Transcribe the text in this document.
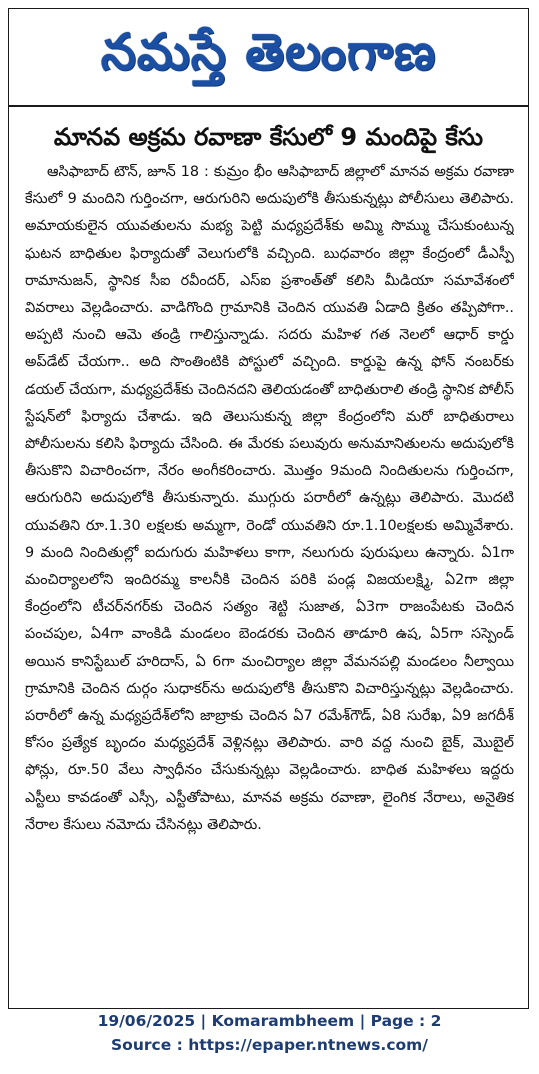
నమస్తే తెలంగాణ
మానవ అక్రమ రవాణా కేసులో 9 మందిపై కేసు

ఆసిఫాబాద్ టౌన్, జూన్ 18 : కుమ్రం భీం ఆసిఫాబాద్ జిల్లాలో మానవ అక్రమ రవాణా కేసులో 9 మందిని గుర్తించగా, ఆరుగురిని అదుపులోకి తీసుకున్నట్లు పోలీసులు తెలిపారు. అమాయకులైన యువతులను మభ్య పెట్టి మధ్యప్రదేశ్‌కు అమ్మి సొమ్ము చేసుకుంటున్న ఘటన బాధితుల ఫిర్యాదుతో వెలుగులోకి వచ్చింది. బుధవారం జిల్లా కేంద్రంలో డీఎస్పీ రామానుజన్, స్థానిక సీఐ రవీందర్, ఎస్ఐ ప్రశాంత్‌తో కలిసి మీడియా సమావేశంలో వివరాలు వెల్లడించారు. వాడిగొంది గ్రామానికి చెందిన యువతి ఏడాది క్రితం తప్పిపోగా.. అప్పటి నుంచి ఆమె తండ్రి గాలిస్తున్నాడు. సదరు మహిళ గత నెలలో ఆధార్ కార్డు అప్‌డేట్ చేయగా.. అది సొంతింటికి పోస్టులో వచ్చింది. కార్డుపై ఉన్న ఫోన్ నంబర్‌కు డయల్ చేయగా, మధ్యప్రదేశ్‌కు చెందినదని తెలియడంతో బాధితురాలి తండ్రి స్థానిక పోలీస్ స్టేషన్‌లో ఫిర్యాదు చేశాడు. ఇది తెలుసుకున్న జిల్లా కేంద్రంలోని మరో బాధితురాలు పోలీసులను కలిసి ఫిర్యాదు చేసింది. ఈ మేరకు పలువురు అనుమానితులను అదుపులోకి తీసుకొని విచారించగా, నేరం అంగీకరించారు. మొత్తం 9మంది నిందితులను గుర్తించగా, ఆరుగురిని అదుపులోకి తీసుకున్నారు. ముగ్గురు పరారీలో ఉన్నట్లు తెలిపారు. మొదటి యువతిని రూ.1.30 లక్షలకు అమ్మగా, రెండో యువతిని రూ.1.10లక్షలకు అమ్మివేశారు. 9 మంది నిందితుల్లో ఐదుగురు మహిళలు కాగా, నలుగురు పురుషులు ఉన్నారు. ఏ1గా మంచిర్యాలలోని ఇందిరమ్మ కాలనీకి చెందిన పరికి పండ్ల విజయలక్ష్మి, ఏ2గా జిల్లా కేంద్రంలోని టీచర్‌నగర్‌కు చెందిన సత్యం శెట్టి సుజాత, ఏ3గా రాజంపేటకు చెందిన పంచపుల, ఏ4గా వాంకిడి మండలం బెండరకు చెందిన తాడూరి ఉష, ఏ5గా సస్పెండ్ అయిన కానిస్టేబుల్ హరిదాస్, ఏ 6గా మంచిర్యాల జిల్లా వేమనపల్లి మండలం నీల్వాయి గ్రామానికి చెందిన దుర్గం సుధాకర్‌ను అదుపులోకి తీసుకొని విచారిస్తున్నట్లు వెల్లడించారు. పరారీలో ఉన్న మధ్యప్రదేశ్‌లోని జాబ్రాకు చెందిన ఏ7 రమేశ్‌గౌడ్, ఏ8 సురేఖ, ఏ9 జగదీశ్ కోసం ప్రత్యేక బృందం మధ్యప్రదేశ్ వెళ్లినట్లు తెలిపారు. వారి వద్ద నుంచి బైక్, మొబైల్ ఫోన్లు, రూ.50 వేలు స్వాధీనం చేసుకున్నట్లు వెల్లడించారు. బాధిత మహిళలు ఇద్దరు ఎస్టీలు కావడంతో ఎస్సీ, ఎస్టీతోపాటు, మానవ అక్రమ రవాణా, లైంగిక నేరాలు, అనైతిక నేరాల కేసులు నమోదు చేసినట్లు తెలిపారు.

19/06/2025 | Komarambheem | Page : 2
Source : https://epaper.ntnews.com/
